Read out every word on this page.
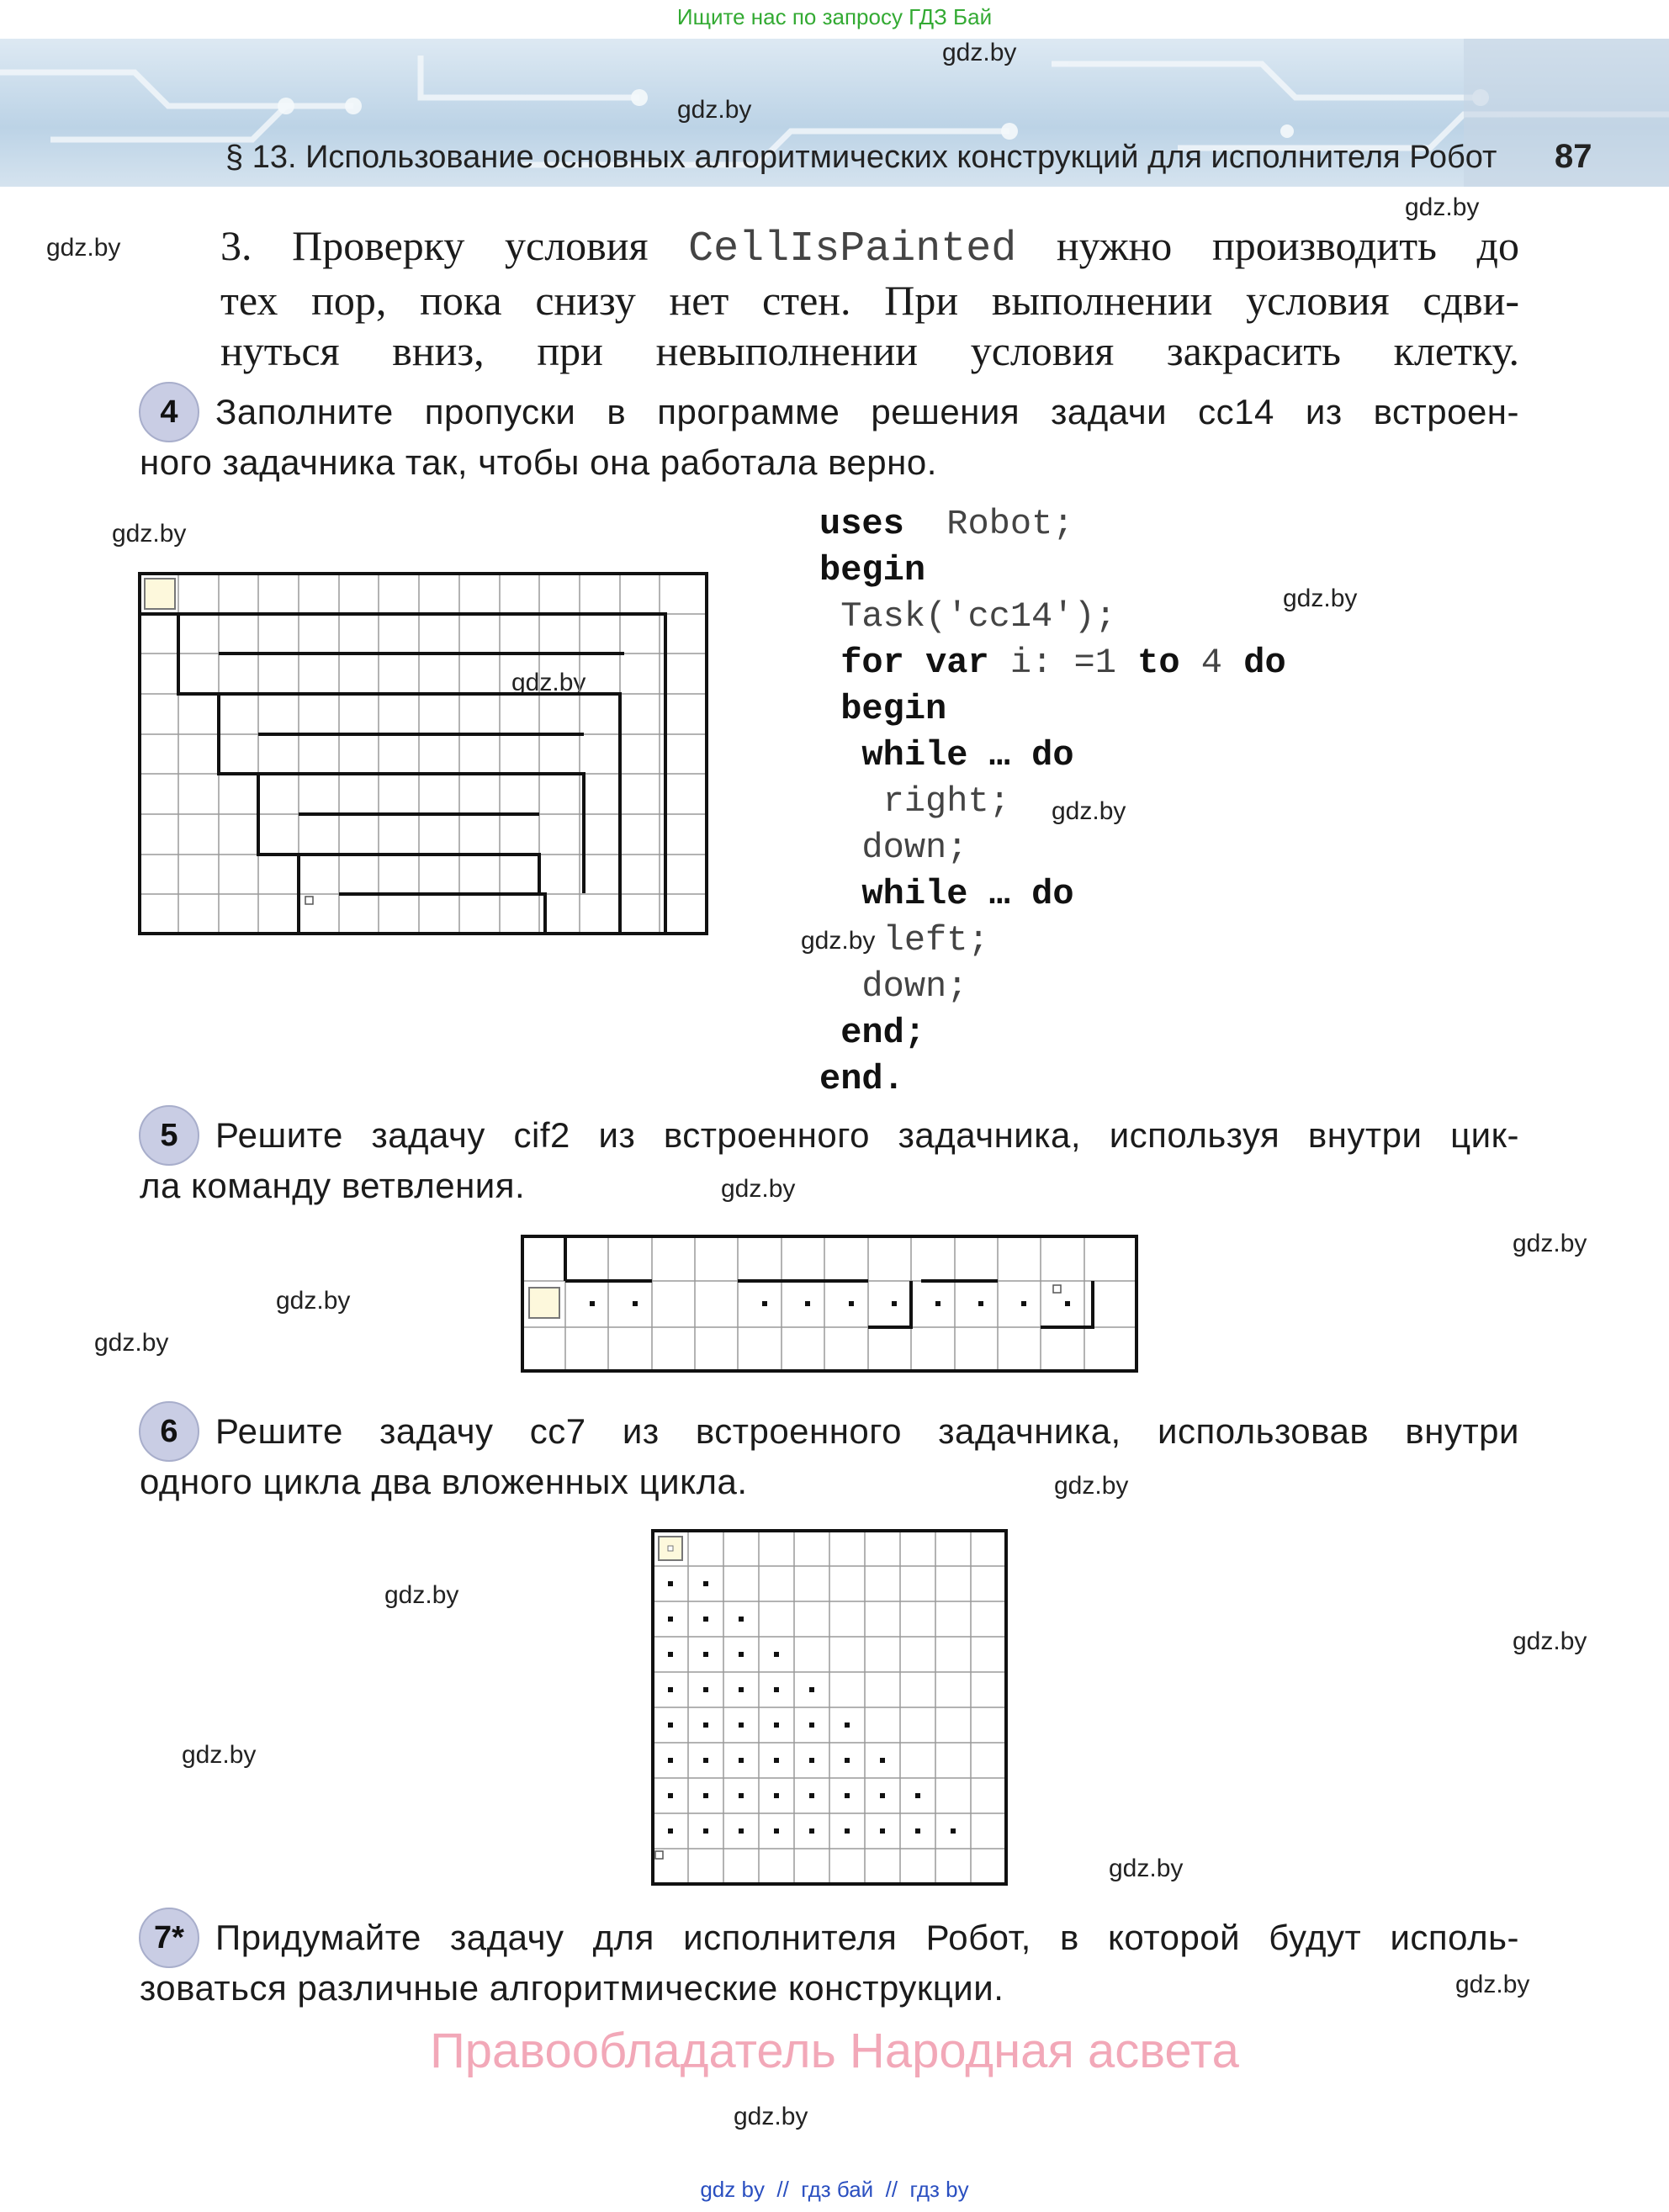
Ищите нас по запросу ГДЗ Бай
§ 13. Использование основных алгоритмических конструкций для исполнителя Робот 87
gdz.by
gdz.by
gdz.by
gdz.by
gdz.by
gdz.by
gdz.by
gdz.by
gdz.by
gdz.by
gdz.by
gdz.by
gdz.by
gdz.by
gdz.by
gdz.by
gdz.by
gdz.by
gdz.by
gdz.by
3. Проверку условия CellIsPainted нужно производить до
тех пор, пока снизу нет стен. При выполнении условия сдви-
нуться вниз, при невыполнении условия закрасить клетку.
4	Заполните пропуски в программе решения задачи cc14 из встроен-
ного задачника так, чтобы она работала верно.
uses Robot;
begin
Task('cc14');
for var i: =1 to 4 do
begin
while … do
right;
down;
while … do
left;
down;
end;
end.
5	Решите задачу cif2 из встроенного задачника, используя внутри цик-
ла команду ветвления.
6	Решите задачу cc7 из встроенного задачника, использовав внутри
одного цикла два вложенных цикла.
7* Придумайте задачу для исполнителя Робот, в которой будут исполь-
зоваться различные алгоритмические конструкции.
Правообладатель Народная асвета
gdz by  //  гдз бай  //  гдз by
